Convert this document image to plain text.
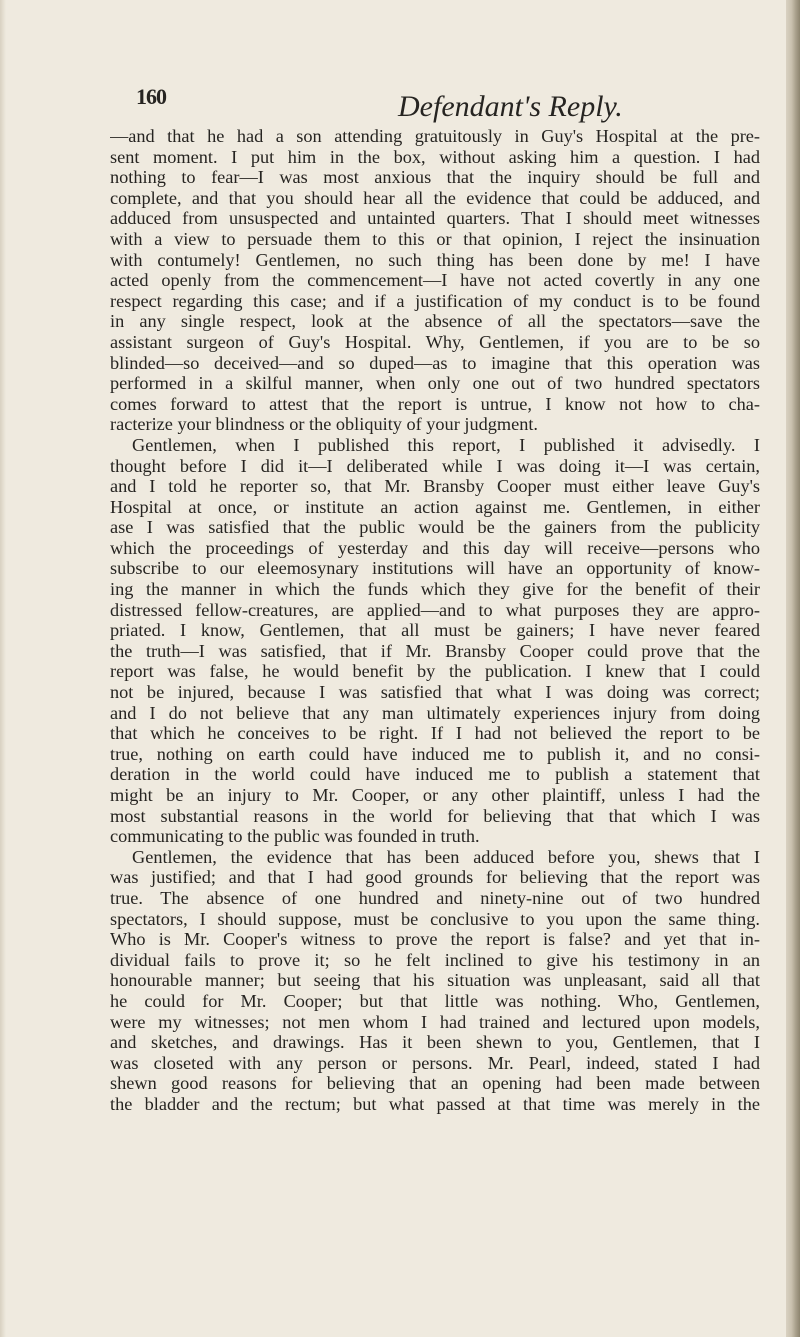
160	Defendant's Reply.
—and that he had a son attending gratuitously in Guy's Hospital at the pre-
sent moment. I put him in the box, without asking him a question. I had
nothing to fear—I was most anxious that the inquiry should be full and
complete, and that you should hear all the evidence that could be adduced, and
adduced from unsuspected and untainted quarters. That I should meet witnesses
with a view to persuade them to this or that opinion, I reject the insinuation
with contumely! Gentlemen, no such thing has been done by me! I have
acted openly from the commencement—I have not acted covertly in any one
respect regarding this case; and if a justification of my conduct is to be found
in any single respect, look at the absence of all the spectators—save the
assistant surgeon of Guy's Hospital. Why, Gentlemen, if you are to be so
blinded—so deceived—and so duped—as to imagine that this operation was
performed in a skilful manner, when only one out of two hundred spectators
comes forward to attest that the report is untrue, I know not how to cha-
racterize your blindness or the obliquity of your judgment.
Gentlemen, when I published this report, I published it advisedly. I
thought before I did it—I deliberated while I was doing it—I was certain,
and I told he reporter so, that Mr. Bransby Cooper must either leave Guy's
Hospital at once, or institute an action against me. Gentlemen, in either
ase I was satisfied that the public would be the gainers from the publicity
which the proceedings of yesterday and this day will receive—persons who
subscribe to our eleemosynary institutions will have an opportunity of know-
ing the manner in which the funds which they give for the benefit of their
distressed fellow-creatures, are applied—and to what purposes they are appro-
priated. I know, Gentlemen, that all must be gainers; I have never feared
the truth—I was satisfied, that if Mr. Bransby Cooper could prove that the
report was false, he would benefit by the publication. I knew that I could
not be injured, because I was satisfied that what I was doing was correct;
and I do not believe that any man ultimately experiences injury from doing
that which he conceives to be right. If I had not believed the report to be
true, nothing on earth could have induced me to publish it, and no consi-
deration in the world could have induced me to publish a statement that
might be an injury to Mr. Cooper, or any other plaintiff, unless I had the
most substantial reasons in the world for believing that that which I was
communicating to the public was founded in truth.
Gentlemen, the evidence that has been adduced before you, shews that I
was justified; and that I had good grounds for believing that the report was
true. The absence of one hundred and ninety-nine out of two hundred
spectators, I should suppose, must be conclusive to you upon the same thing.
Who is Mr. Cooper's witness to prove the report is false? and yet that in-
dividual fails to prove it; so he felt inclined to give his testimony in an
honourable manner; but seeing that his situation was unpleasant, said all that
he could for Mr. Cooper; but that little was nothing. Who, Gentlemen,
were my witnesses; not men whom I had trained and lectured upon models,
and sketches, and drawings. Has it been shewn to you, Gentlemen, that I
was closeted with any person or persons. Mr. Pearl, indeed, stated I had
shewn good reasons for believing that an opening had been made between
the bladder and the rectum; but what passed at that time was merely in the
